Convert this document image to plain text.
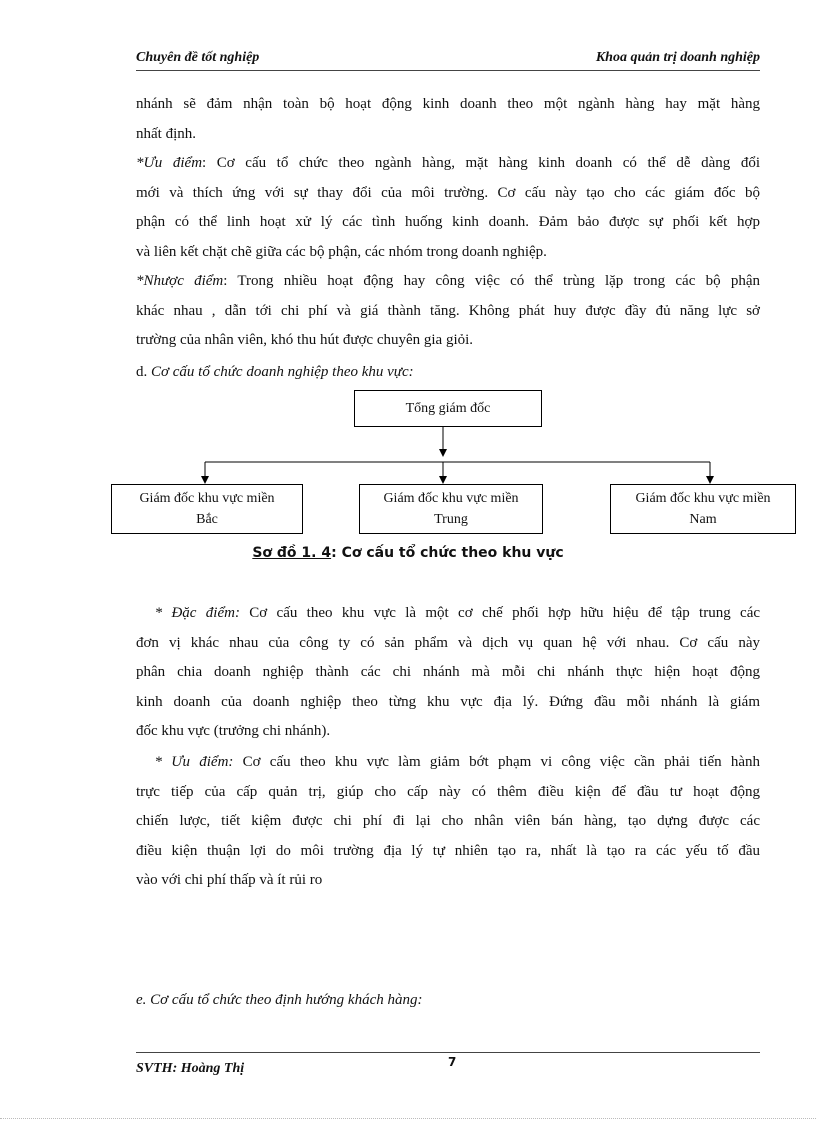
Chuyên đề tốt nghiệp	Khoa quản trị doanh nghiệp
nhánh sẽ đảm nhận toàn bộ hoạt động kinh doanh theo một ngành hàng hay mặt hàng
nhất định.
*Ưu điểm: Cơ cấu tổ chức theo ngành hàng, mặt hàng kinh doanh có thể dễ dàng đổi
mới và thích ứng với sự thay đổi của môi trường. Cơ cấu này tạo cho các giám đốc bộ
phận có thể linh hoạt xử lý các tình huống kinh doanh. Đảm bảo được sự phối kết hợp
và liên kết chặt chẽ giữa các bộ phận, các nhóm trong doanh nghiệp.
*Nhược điểm: Trong nhiều hoạt động hay công việc có thể trùng lặp trong các bộ phận
khác nhau , dẫn tới chi phí và giá thành tăng. Không phát huy được đầy đủ năng lực sở
trường của nhân viên, khó thu hút được chuyên gia giỏi.
d. Cơ cấu tổ chức doanh nghiệp theo khu vực:
Tổng giám đốc
Giám đốc khu vực miền
Bắc
Giám đốc khu vực miền
Trung
Giám đốc khu vực miền
Nam
Sơ đồ 1. 4: Cơ cấu tổ chức theo khu vực
* Đặc điểm: Cơ cấu theo khu vực là một cơ chế phối hợp hữu hiệu để tập trung các
đơn vị khác nhau của công ty có sản phẩm và dịch vụ quan hệ với nhau. Cơ cấu này
phân chia doanh nghiệp thành các chi nhánh mà mỗi chi nhánh thực hiện hoạt động
kinh doanh của doanh nghiệp theo từng khu vực địa lý. Đứng đầu mỗi nhánh là giám
đốc khu vực (trưởng chi nhánh).
* Ưu điểm: Cơ cấu theo khu vực làm giảm bớt phạm vi công việc cần phải tiến hành
trực tiếp của cấp quản trị, giúp cho cấp này có thêm điều kiện để đầu tư hoạt động
chiến lược, tiết kiệm được chi phí đi lại cho nhân viên bán hàng, tạo dựng được các
điều kiện thuận lợi do môi trường địa lý tự nhiên tạo ra, nhất là tạo ra các yếu tố đầu
vào với chi phí thấp và ít rủi ro
e. Cơ cấu tổ chức theo định hướng khách hàng:
SVTH: Hoàng Thị	7
